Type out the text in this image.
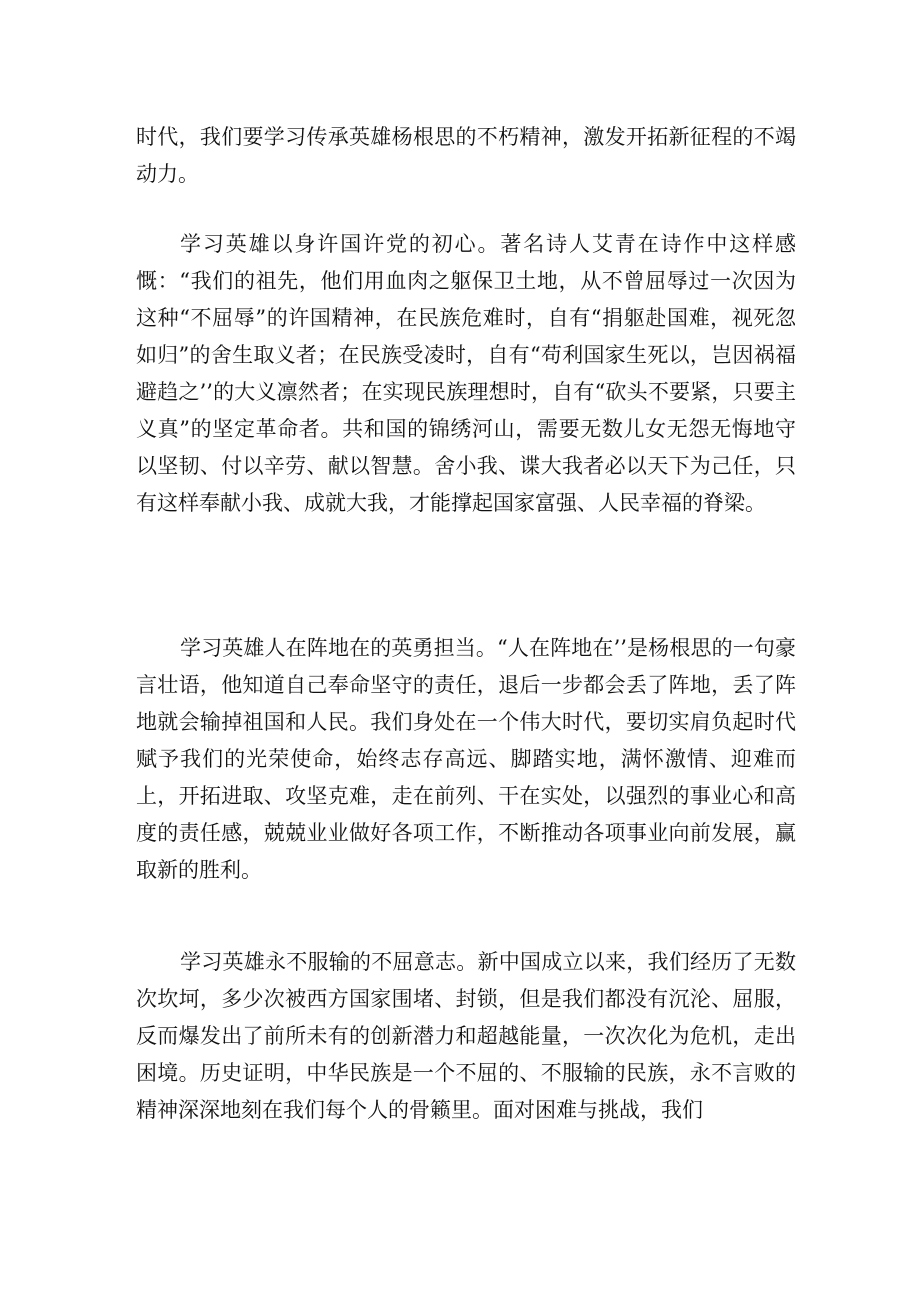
时代，我们要学习传承英雄杨根思的不朽精神，激发开拓新征程的不竭动力。

学习英雄以身许国许党的初心。著名诗人艾青在诗作中这样感慨：“我们的祖先，他们用血肉之躯保卫土地，从不曾屈辱过一次因为这种“不屈辱”的许国精神，在民族危难时，自有“捐躯赴国难，视死忽如归”的舍生取义者；在民族受凌时，自有“苟利国家生死以，岂因祸福避趋之’’的大义凛然者；在实现民族理想时，自有“砍头不要紧，只要主义真”的坚定革命者。共和国的锦绣河山，需要无数儿女无怨无悔地守以坚韧、付以辛劳、献以智慧。舍小我、谍大我者必以天下为己任，只有这样奉献小我、成就大我，才能撑起国家富强、人民幸福的脊梁。

学习英雄人在阵地在的英勇担当。“人在阵地在’’是杨根思的一句豪言壮语，他知道自己奉命坚守的责任，退后一步都会丢了阵地，丢了阵地就会输掉祖国和人民。我们身处在一个伟大时代，要切实肩负起时代赋予我们的光荣使命，始终志存高远、脚踏实地，满怀激情、迎难而上，开拓进取、攻坚克难，走在前列、干在实处，以强烈的事业心和高度的责任感，兢兢业业做好各项工作，不断推动各项事业向前发展，赢取新的胜利。

学习英雄永不服输的不屈意志。新中国成立以来，我们经历了无数次坎坷，多少次被西方国家围堵、封锁，但是我们都没有沉沦、屈服，反而爆发出了前所未有的创新潜力和超越能量，一次次化为危机，走出困境。历史证明，中华民族是一个不屈的、不服输的民族，永不言败的精神深深地刻在我们每个人的骨籁里。面对困难与挑战，我们
